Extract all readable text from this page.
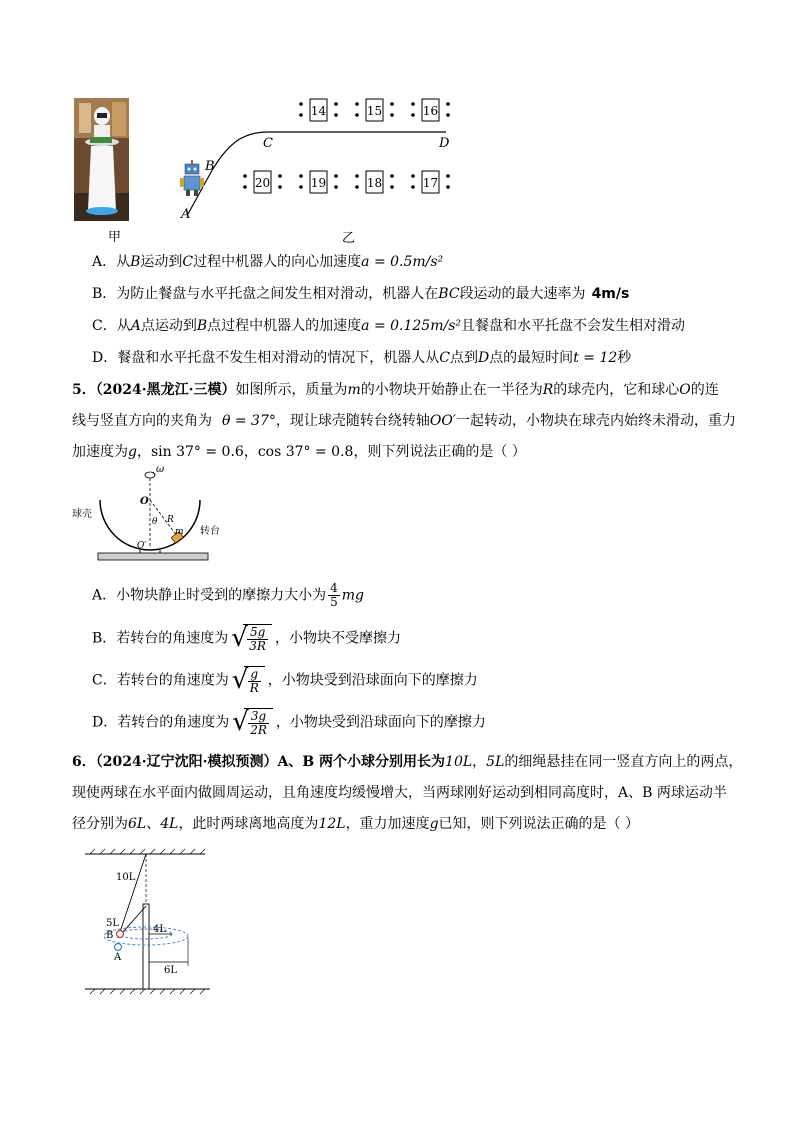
甲
14	15	16
20	19	18	17
A
B
C	D
乙
A．从B运动到C过程中机器人的向心加速度a = 0.5m/s²
B．为防止餐盘与水平托盘之间发生相对滑动，机器人在BC段运动的最大速率为 4m/s
C．从A点运动到B点过程中机器人的加速度a = 0.125m/s²且餐盘和水平托盘不会发生相对滑动
D．餐盘和水平托盘不发生相对滑动的情况下，机器人从C点到D点的最短时间t = 12秒
5．（2024·黑龙江·三模）如图所示，质量为m的小物块开始静止在一半径为R的球壳内，它和球心O的连
线与竖直方向的夹角为 θ = 37°，现让球壳随转台绕转轴OO′一起转动，小物块在球壳内始终未滑动，重力
加速度为g，sin 37° = 0.6，cos 37° = 0.8，则下列说法正确的是（ ）
ω
O
球壳
θ R
m 转台
O′
A．小物块静止时受到的摩擦力大小为 $\frac{4}{5}$ mg
B．若转台的角速度为 √ $\frac{5g}{3R}$ ，小物块不受摩擦力
C．若转台的角速度为 √ $\frac{g}{R}$ ，小物块受到沿球面向下的摩擦力
D．若转台的角速度为 √ $\frac{3g}{2R}$ ，小物块受到沿球面向下的摩擦力
6．（2024·辽宁沈阳·模拟预测）A、B 两个小球分别用长为10L，5L的细绳悬挂在同一竖直方向上的两点，
现使两球在水平面内做圆周运动，且角速度均缓慢增大，当两球刚好运动到相同高度时，A、B 两球运动半
径分别为6L、4L，此时两球离地高度为12L，重力加速度g已知，则下列说法正确的是（ ）
10L
5L
B
A
4L
6L
